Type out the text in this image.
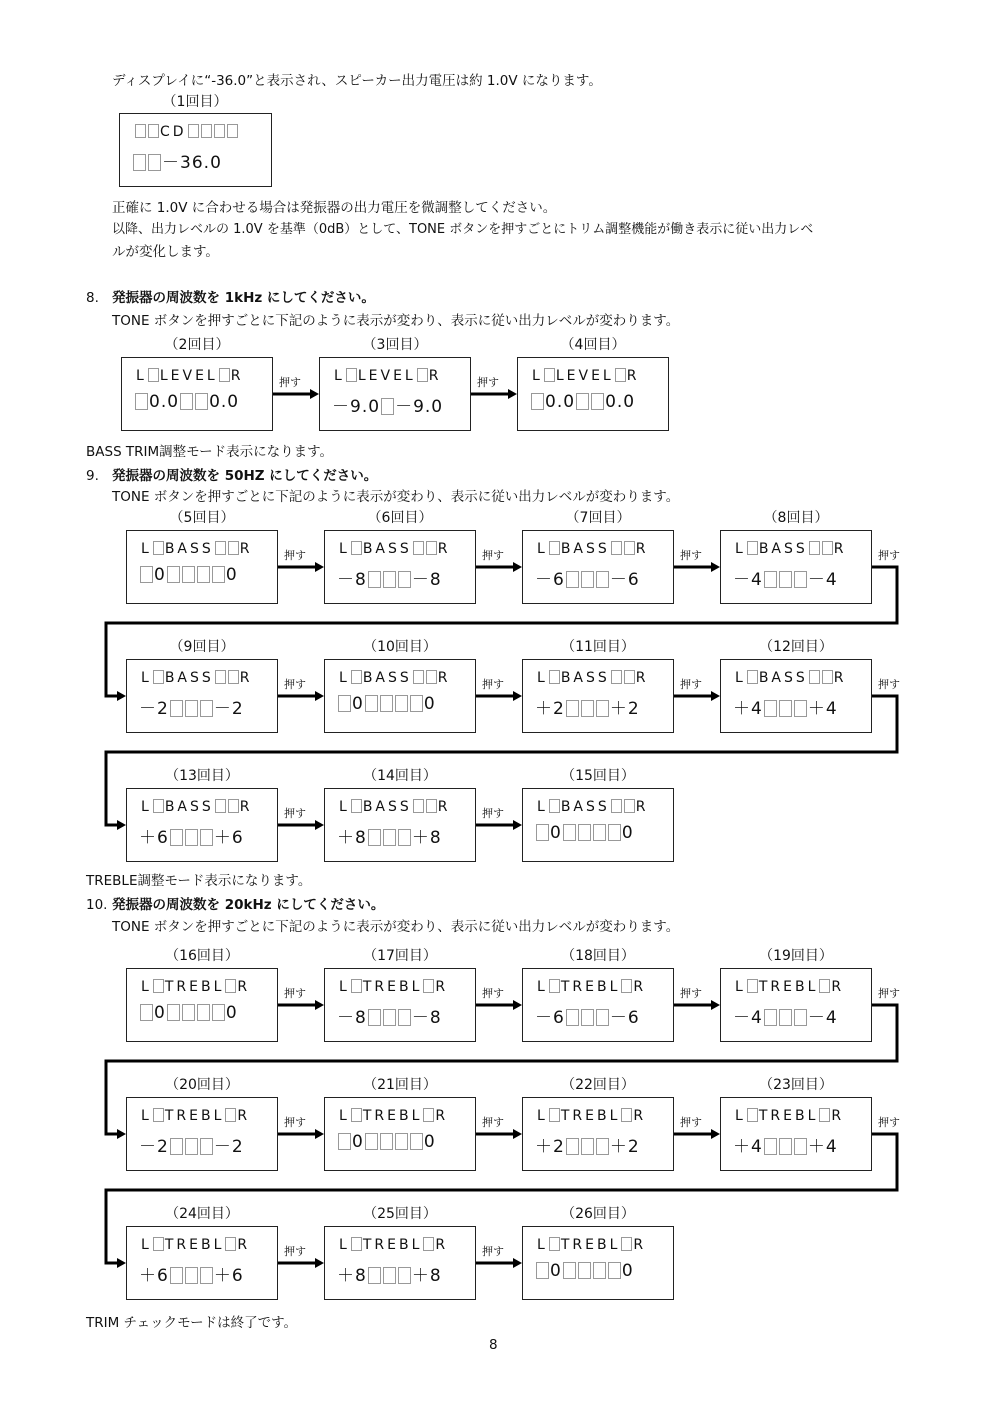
ディスプレイに“-36.0”と表示され、スピーカー出力電圧は約 1.0V になります。
（1回目）
CD
－36.0
正確に 1.0V に合わせる場合は発振器の出力電圧を微調整してください。
以降、出力レベルの 1.0V を基準（0dB）として、TONE ボタンを押すごとにトリム調整機能が働き表示に従い出力レベ
ルが変化します。
8. 発振器の周波数を 1kHz にしてください。
TONE ボタンを押すごとに下記のように表示が変わり、表示に従い出力レベルが変わります。
（2回目）
L LEVEL R
0.0 0.0
押す
（3回目）
L LEVEL R
－9.0 －9.0
押す
（4回目）
L LEVEL R
0.0 0.0
BASS TRIM調整モード表示になります。
9. 発振器の周波数を 50HZ にしてください。
TONE ボタンを押すごとに下記のように表示が変わり、表示に従い出力レベルが変わります。
（5回目）
L BASS R
0	0
押す
（6回目）
L BASS R
－8	－8
押す
（7回目）
L BASS R
－6	－6
押す
（8回目）
L BASS R
－4	－4
押す
（9回目）
L BASS R
－2	－2
押す
（10回目）
L BASS R
0	0
押す
（11回目）
L BASS R
＋2	＋2
押す
（12回目）
L BASS R
＋4	＋4
押す
（13回目）
L BASS R
＋6	＋6
押す
（14回目）
L BASS R
＋8	＋8
押す
（15回目）
L BASS R
0	0
TREBLE調整モード表示になります。
10. 発振器の周波数を 20kHz にしてください。
TONE ボタンを押すごとに下記のように表示が変わり、表示に従い出力レベルが変わります。
（16回目）
L TREBL R
0	0
押す
（17回目）
L TREBL R
－8	－8
押す
（18回目）
L TREBL R
－6	－6
押す
（19回目）
L TREBL R
－4	－4
押す
（20回目）
L TREBL R
－2	－2
押す
（21回目）
L TREBL R
0	0
押す
（22回目）
L TREBL R
＋2	＋2
押す
（23回目）
L TREBL R
＋4	＋4
押す
（24回目）
L TREBL R
＋6	＋6
押す
（25回目）
L TREBL R
＋8	＋8
押す
（26回目）
L TREBL R
0	0
TRIM チェックモードは終了です。
8
